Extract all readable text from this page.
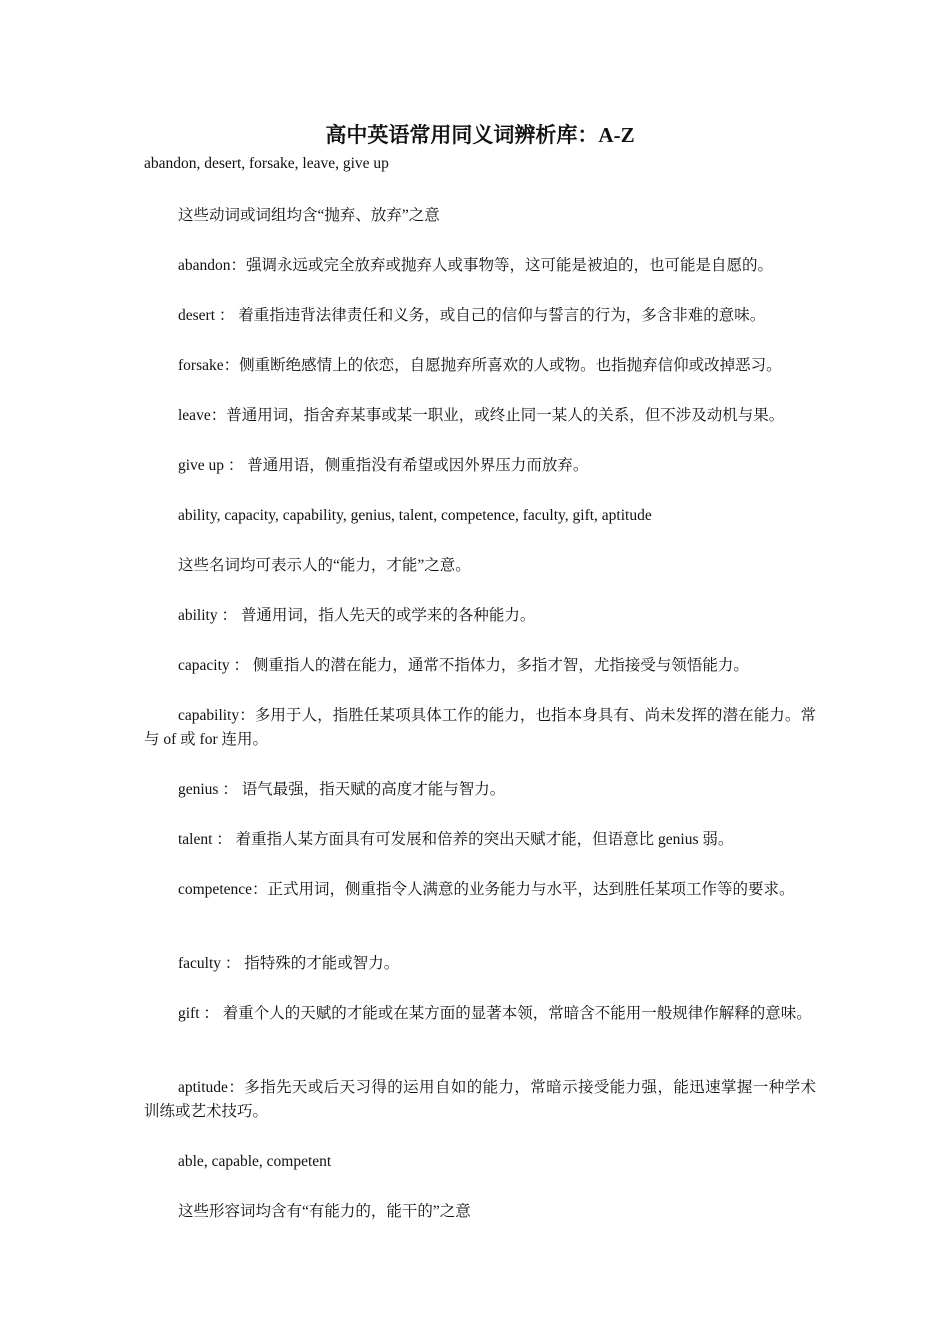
高中英语常用同义词辨析库：A-Z

abandon, desert, forsake, leave, give up

这些动词或词组均含“抛弃、放弃”之意

abandon：强调永远或完全放弃或抛弃人或事物等，这可能是被迫的，也可能是自愿的。

desert ： 着重指违背法律责任和义务，或自己的信仰与誓言的行为，多含非难的意味。

forsake：侧重断绝感情上的依恋，自愿抛弃所喜欢的人或物。也指抛弃信仰或改掉恶习。

leave：普通用词，指舍弃某事或某一职业，或终止同一某人的关系，但不涉及动机与果。

give up ： 普通用语，侧重指没有希望或因外界压力而放弃。

ability, capacity, capability, genius, talent, competence, faculty, gift, aptitude

这些名词均可表示人的“能力，才能”之意。

ability ： 普通用词，指人先天的或学来的各种能力。

capacity ： 侧重指人的潜在能力，通常不指体力，多指才智，尤指接受与领悟能力。

capability：多用于人，指胜任某项具体工作的能力，也指本身具有、尚未发挥的潜在能力。常与 of 或 for 连用。

genius ： 语气最强，指天赋的高度才能与智力。

talent ： 着重指人某方面具有可发展和倍养的突出天赋才能，但语意比 genius 弱。

competence：正式用词，侧重指令人满意的业务能力与水平，达到胜任某项工作等的要求。

faculty ： 指特殊的才能或智力。

gift ： 着重个人的天赋的才能或在某方面的显著本领，常暗含不能用一般规律作解释的意味。

aptitude：多指先天或后天习得的运用自如的能力，常暗示接受能力强，能迅速掌握一种学术训练或艺术技巧。

able, capable, competent

这些形容词均含有“有能力的，能干的”之意
